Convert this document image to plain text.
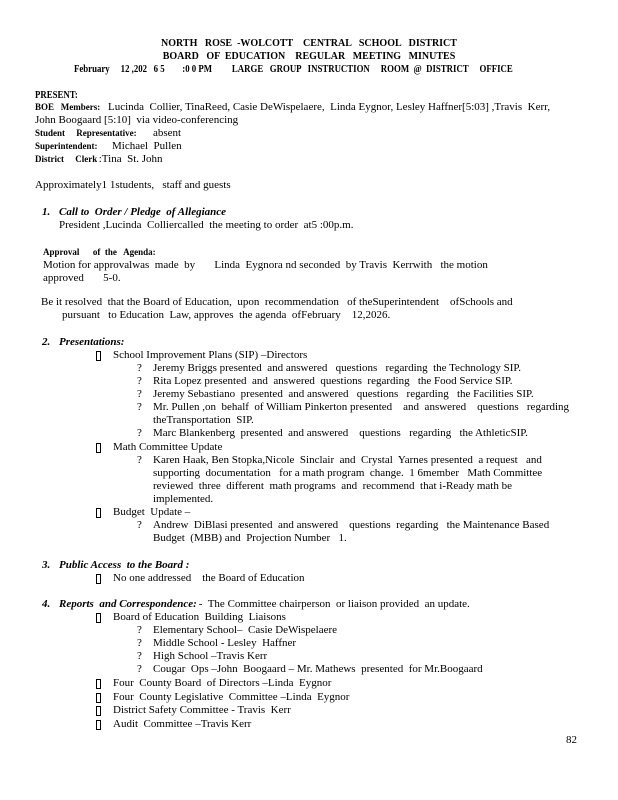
NORTH   ROSE  -WOLCOTT    CENTRAL   SCHOOL   DISTRICT
BOARD   OF  EDUCATION    REGULAR   MEETING   MINUTES
February     12 ,202   6 5        :0 0 PM         LARGE   GROUP   INSTRUCTION     ROOM  @  DISTRICT     OFFICE
PRESENT:
BOE   Members: Lucinda  Collier, TinaReed, Casie DeWispelaere,  Linda Eygnor, Lesley Haffner[5:03] ,Travis  Kerr,
John Boogaard [5:10]  via video-conferencing
Student     Representative: absent
Superintendent: Michael  Pullen
District     Clerk
:Tina  St. John
Approximately1 1students,   staff and guests
1. Call to  Order / Pledge  of Allegiance
President ,Lucinda  Colliercalled  the meeting to order  at5 :00p.m.
Approval      of  the   Agenda:
Motion for approvalwas  made  by       Linda  Eygnora nd seconded  by Travis  Kerrwith   the motion
approved       5-0.
Be it resolved  that the Board of Education,  upon  recommendation   of theSuperintendent    ofSchools and
pursuant   to Education  Law, approves  the agenda  ofFebruary    12,2026.
2. Presentations:
School Improvement Plans (SIP) –Directors
? Jeremy Briggs presented  and answered   questions   regarding  the Technology SIP.
? Rita Lopez presented  and  answered  questions  regarding   the Food Service SIP.
? Jeremy Sebastiano  presented  and answered   questions   regarding   the Facilities SIP.
? Mr. Pullen ,on  behalf  of William Pinkerton presented    and  answered    questions   regarding
theTransportation  SIP.
? Marc Blankenberg  presented  and answered    questions   regarding   the AthleticSIP.
Math Committee Update
? Karen Haak, Ben Stopka,Nicole  Sinclair  and  Crystal  Yarnes presented  a request   and
supporting  documentation   for a math program  change.  1 6member   Math Committee
reviewed  three  different  math programs  and  recommend  that i-Ready math be
implemented.
Budget  Update –
? Andrew  DiBlasi presented  and answered    questions  regarding   the Maintenance Based
Budget  (MBB) and  Projection Number   1.
3. Public Access  to the Board :
No one addressed    the Board of Education
4. Reports  and Correspondence: -  The Committee chairperson  or liaison provided  an update.
Board of Education  Building  Liaisons
? Elementary School–  Casie DeWispelaere
? Middle School - Lesley  Haffner
? High School –Travis Kerr
? Cougar  Ops –John  Boogaard – Mr. Mathews  presented  for Mr.Boogaard
Four  County Board  of Directors –Linda  Eygnor
Four  County Legislative  Committee –Linda  Eygnor
District Safety Committee - Travis  Kerr
Audit  Committee –Travis Kerr
82
